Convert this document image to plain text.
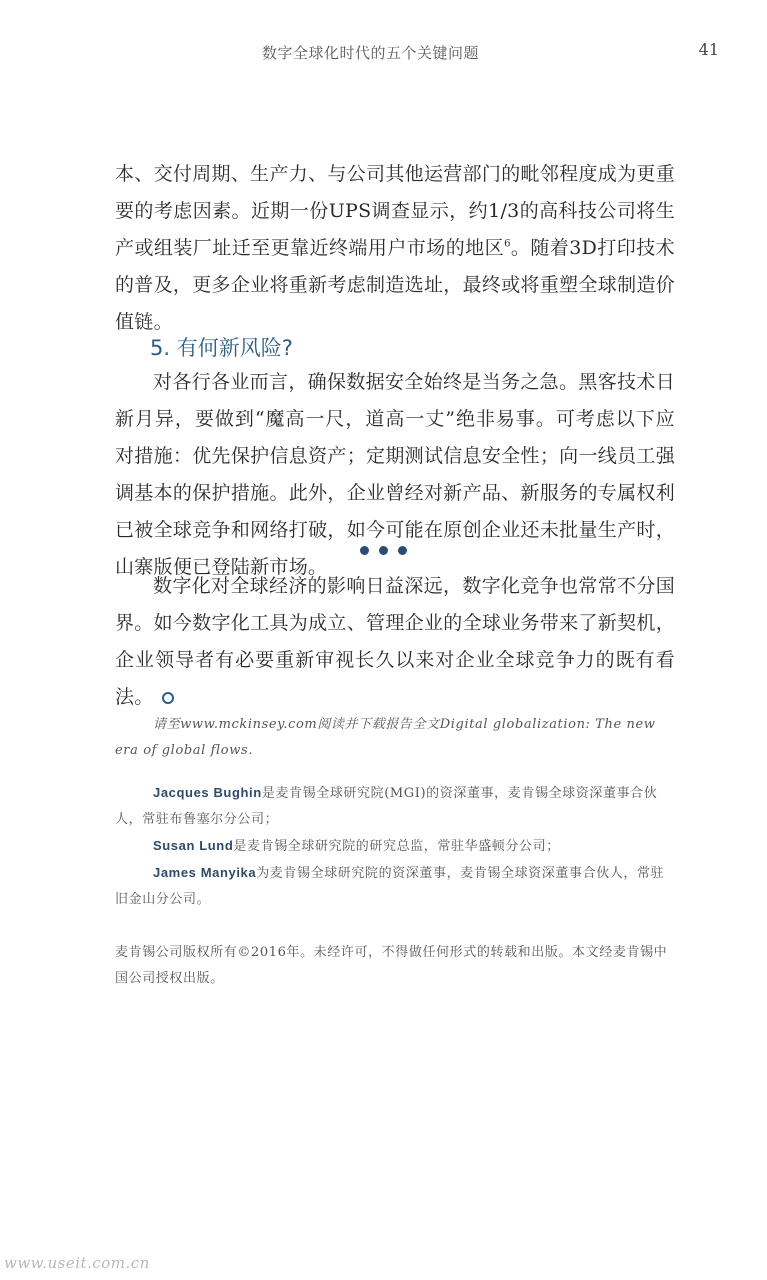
数字全球化时代的五个关键问题	41

本、交付周期、生产力、与公司其他运营部门的毗邻程度成为更重要的考虑因素。近期一份UPS调查显示，约1/3的高科技公司将生产或组装厂址迁至更靠近终端用户市场的地区$^6$。随着3D打印技术的普及，更多企业将重新考虑制造选址，最终或将重塑全球制造价值链。

5. 有何新风险?

对各行各业而言，确保数据安全始终是当务之急。黑客技术日新月异，要做到“魔高一尺，道高一丈”绝非易事。可考虑以下应对措施：优先保护信息资产；定期测试信息安全性；向一线员工强调基本的保护措施。此外，企业曾经对新产品、新服务的专属权利已被全球竞争和网络打破，如今可能在原创企业还未批量生产时，山寨版便已登陆新市场。

数字化对全球经济的影响日益深远，数字化竞争也常常不分国界。如今数字化工具为成立、管理企业的全球业务带来了新契机，企业领导者有必要重新审视长久以来对企业全球竞争力的既有看法。

请至www.mckinsey.com阅读并下载报告全文Digital globalization: The new era of global flows.

Jacques Bughin是麦肯锡全球研究院(MGI)的资深董事，麦肯锡全球资深董事合伙人，常驻布鲁塞尔分公司；

Susan Lund是麦肯锡全球研究院的研究总监，常驻华盛顿分公司；

James Manyika为麦肯锡全球研究院的资深董事，麦肯锡全球资深董事合伙人，常驻旧金山分公司。

麦肯锡公司版权所有©2016年。未经许可，不得做任何形式的转载和出版。本文经麦肯锡中国公司授权出版。

www.useit.com.cn
